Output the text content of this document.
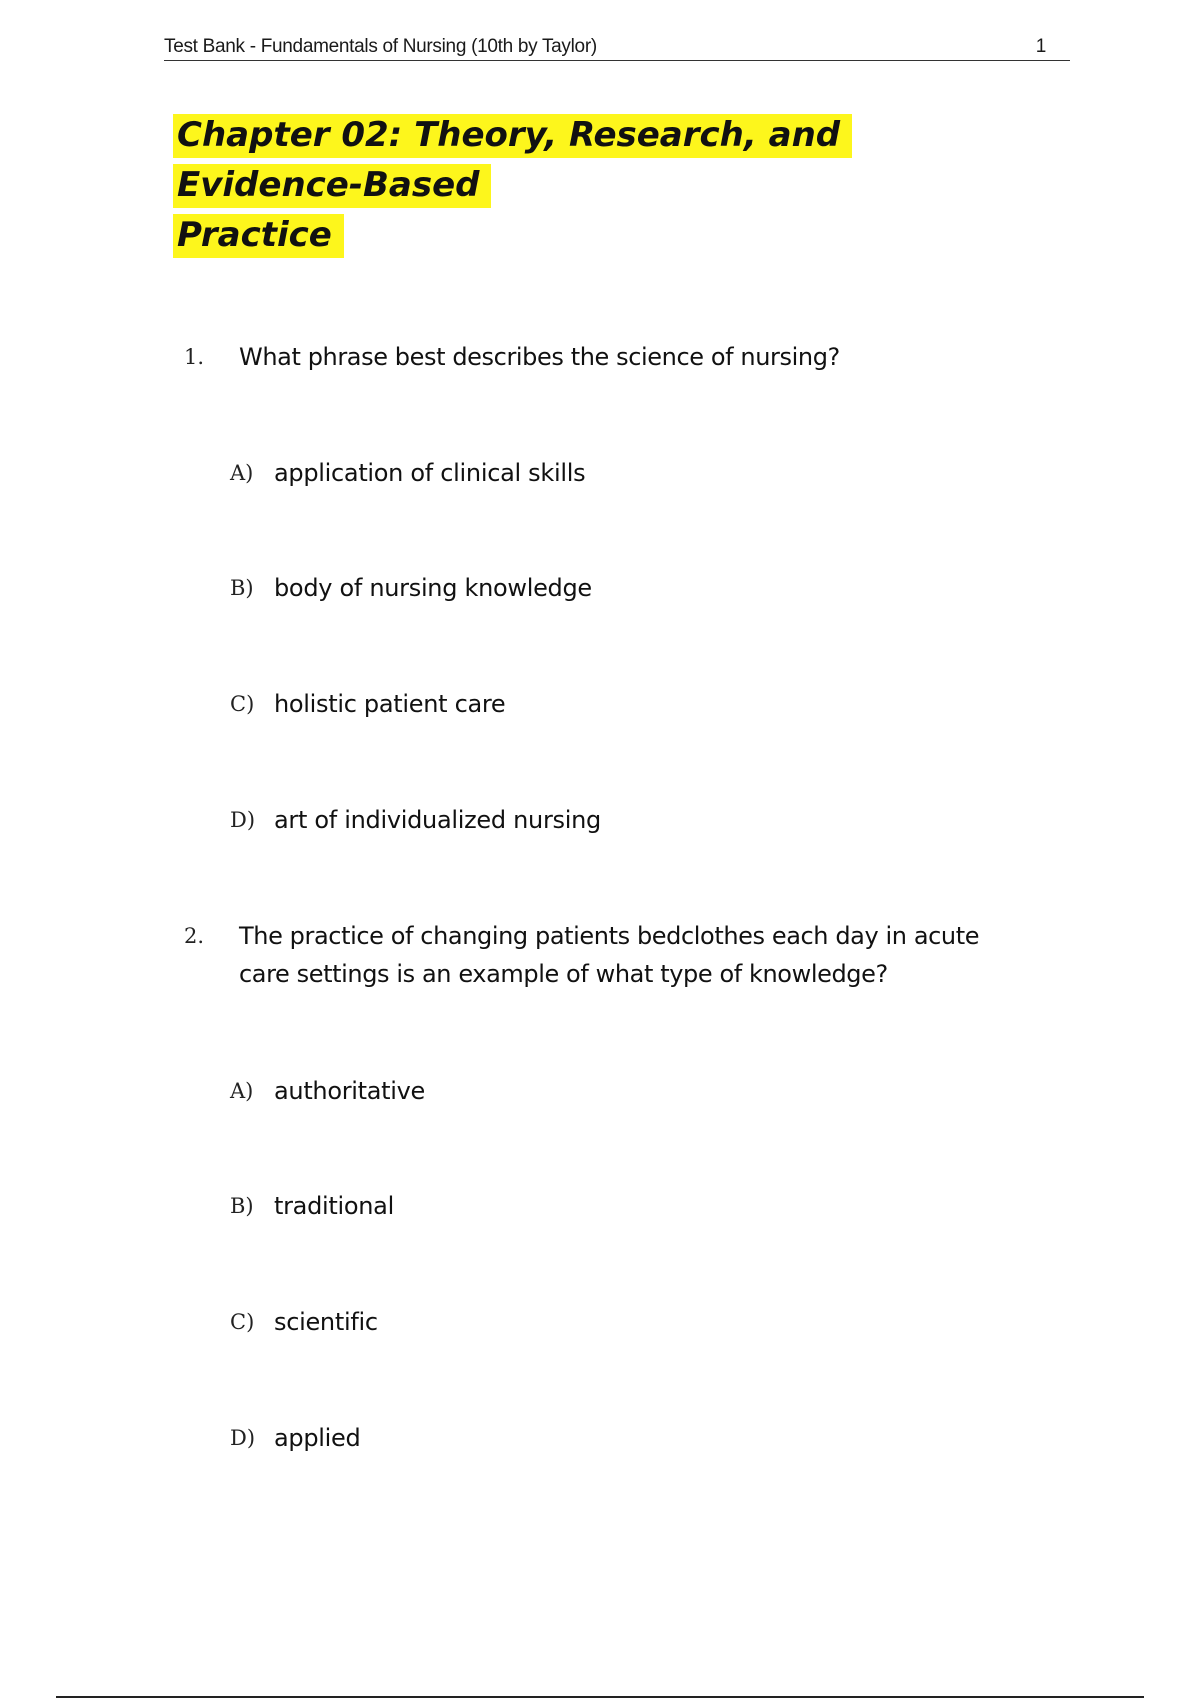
Test Bank - Fundamentals of Nursing (10th by Taylor)	1
Chapter 02: Theory, Research, and Evidence-Based
Practice
1. What phrase best describes the science of nursing?
A) application of clinical skills
B) body of nursing knowledge
C) holistic patient care
D) art of individualized nursing
2. The practice of changing patients bedclothes each day in acute care settings is an example of what type of knowledge?
A) authoritative
B) traditional
C) scientific
D) applied
